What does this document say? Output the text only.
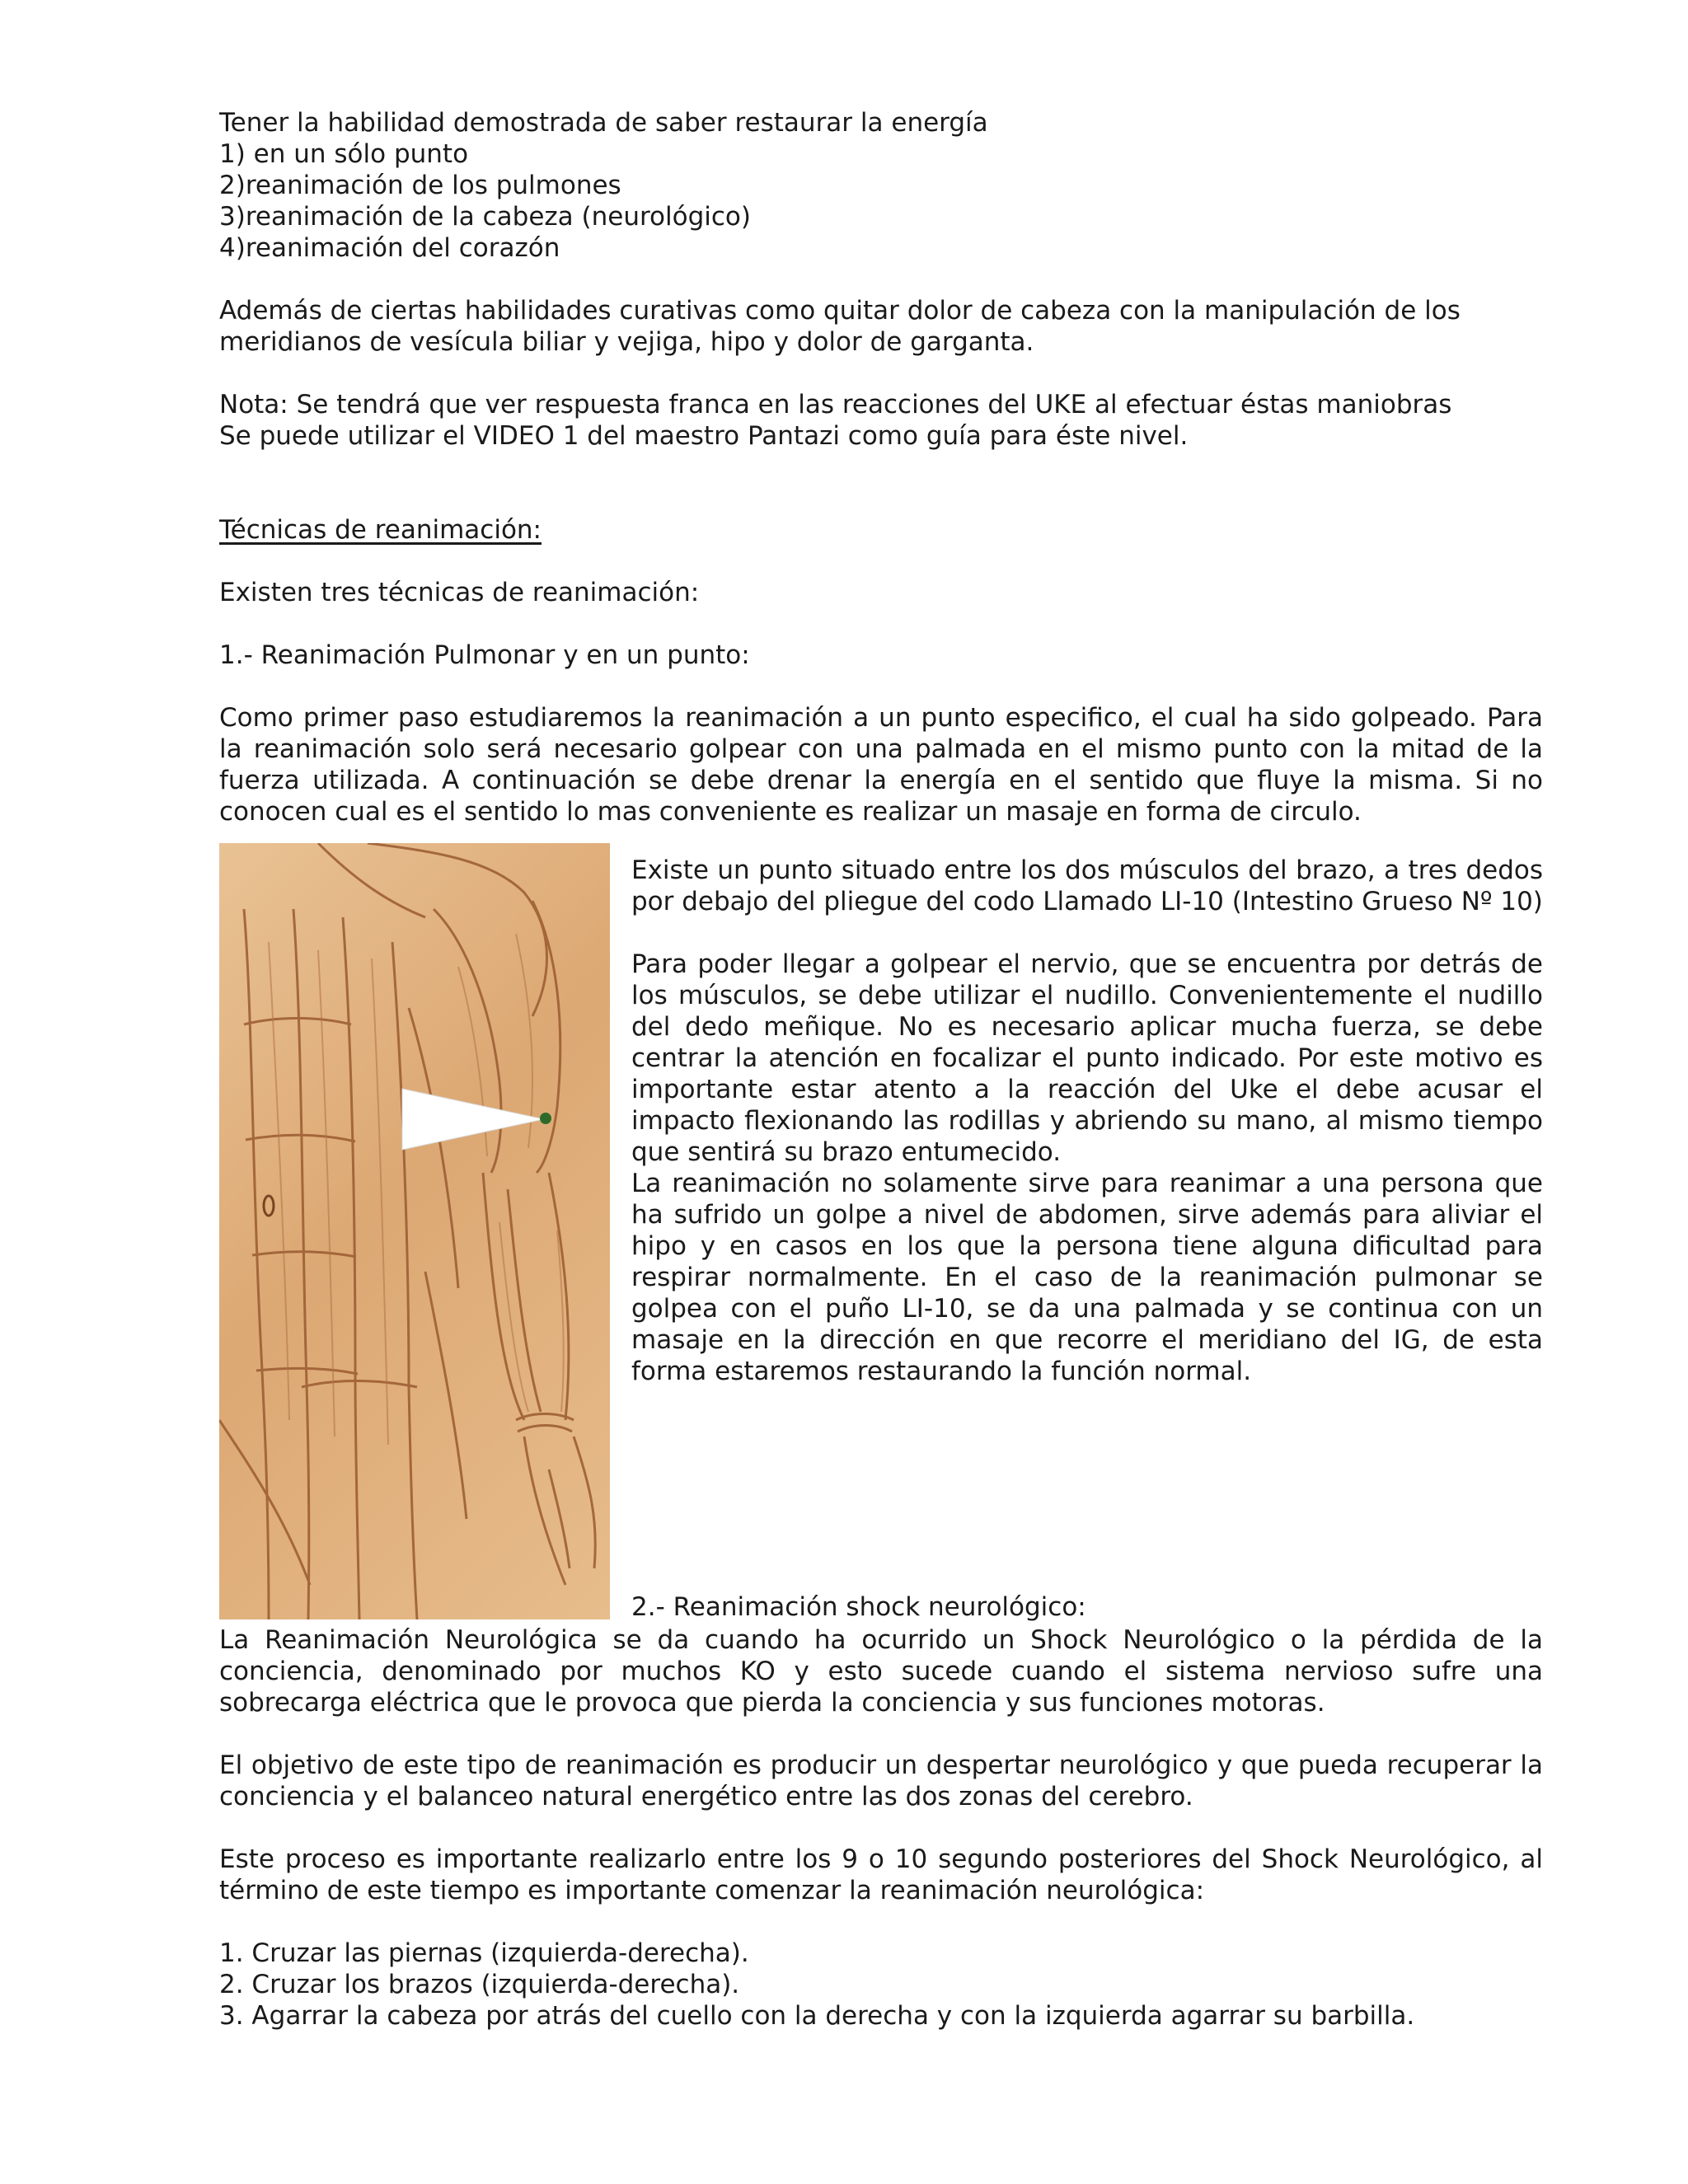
Tener la habilidad demostrada de saber restaurar la energía
1) en un sólo punto
2)reanimación de los pulmones
3)reanimación de la cabeza (neurológico)
4)reanimación del corazón

Además de ciertas habilidades curativas como quitar dolor de cabeza con la manipulación de los meridianos de vesícula biliar y vejiga, hipo y dolor de garganta.

Nota: Se tendrá que ver respuesta franca en las reacciones del UKE al efectuar éstas maniobras
Se puede utilizar el VIDEO 1 del maestro Pantazi como guía para éste nivel.

Técnicas de reanimación:

Existen tres técnicas de reanimación:

1.- Reanimación Pulmonar y en un punto:

Como primer paso estudiaremos la reanimación a un punto especifico, el cual ha sido golpeado. Para la reanimación solo será necesario golpear con una palmada en el mismo punto con la mitad de la fuerza utilizada. A continuación se debe drenar la energía en el sentido que fluye la misma. Si no conocen cual es el sentido lo mas conveniente es realizar un masaje en forma de circulo.

Existe un punto situado entre los dos músculos del brazo, a tres dedos por debajo del pliegue del codo Llamado LI-10 (Intestino Grueso Nº 10)

Para poder llegar a golpear el nervio, que se encuentra por detrás de los músculos, se debe utilizar el nudillo. Convenientemente el nudillo del dedo meñique. No es necesario aplicar mucha fuerza, se debe centrar la atención en focalizar el punto indicado. Por este motivo es importante estar atento a la reacción del Uke el debe acusar el impacto flexionando las rodillas y abriendo su mano, al mismo tiempo que sentirá su brazo entumecido.

La reanimación no solamente sirve para reanimar a una persona que ha sufrido un golpe a nivel de abdomen, sirve además para aliviar el hipo y en casos en los que la persona tiene alguna dificultad para respirar normalmente. En el caso de la reanimación pulmonar se golpea con el puño LI-10, se da una palmada y se continua con un masaje en la dirección en que recorre el meridiano del IG, de esta forma estaremos restaurando la función normal.

2.- Reanimación shock neurológico:

La Reanimación Neurológica se da cuando ha ocurrido un Shock Neurológico o la pérdida de la conciencia, denominado por muchos KO y esto sucede cuando el sistema nervioso sufre una sobrecarga eléctrica que le provoca que pierda la conciencia y sus funciones motoras.

El objetivo de este tipo de reanimación es producir un despertar neurológico y que pueda recuperar la conciencia y el balanceo natural energético entre las dos zonas del cerebro.

Este proceso es importante realizarlo entre los 9 o 10 segundo posteriores del Shock Neurológico, al término de este tiempo es importante comenzar la reanimación neurológica:

1. Cruzar las piernas (izquierda-derecha).
2. Cruzar los brazos (izquierda-derecha).
3. Agarrar la cabeza por atrás del cuello con la derecha y con la izquierda agarrar su barbilla.
